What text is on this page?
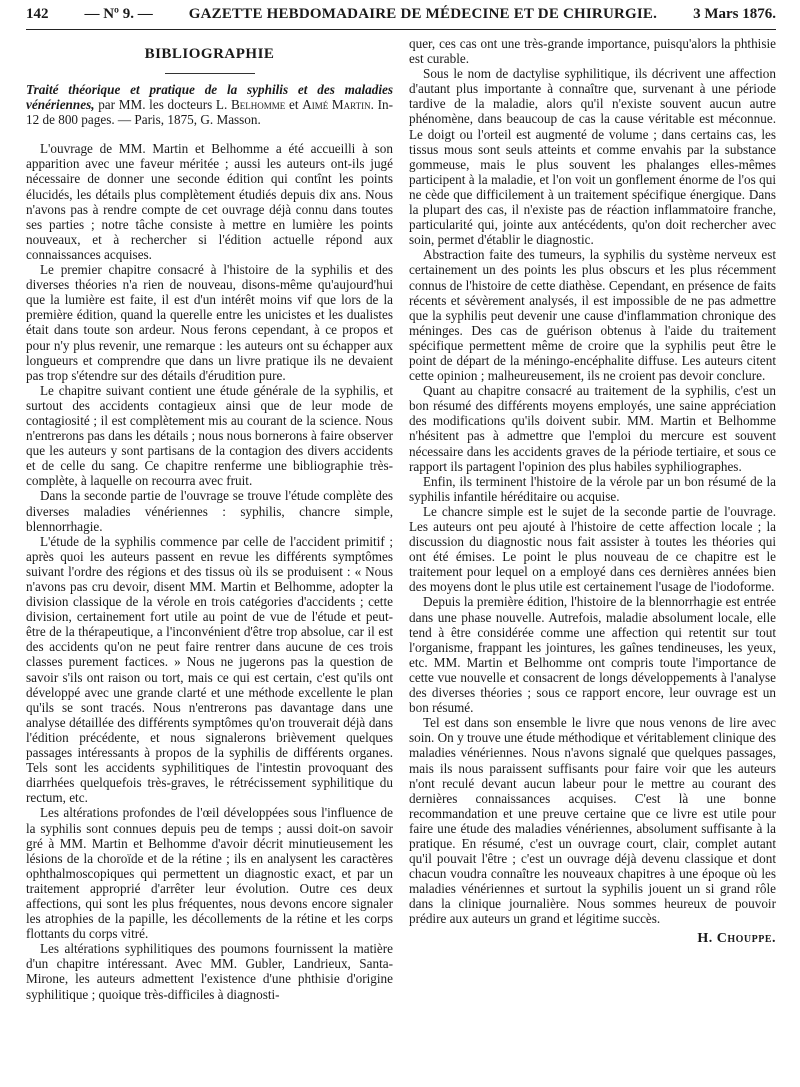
142 — Nº 9. — GAZETTE HEBDOMADAIRE DE MÉDECINE ET DE CHIRURGIE. 3 Mars 1876.
BIBLIOGRAPHIE

Traité théorique et pratique de la syphilis et des maladies vénériennes, par MM. les docteurs L. Belhomme et Aimé Martin. In-12 de 800 pages. — Paris, 1875, G. Masson.

L'ouvrage de MM. Martin et Belhomme a été accueilli à son apparition avec une faveur méritée ; aussi les auteurs ont-ils jugé nécessaire de donner une seconde édition qui contînt les points élucidés, les détails plus complètement étudiés depuis dix ans. Nous n'avons pas à rendre compte de cet ouvrage déjà connu dans toutes ses parties ; notre tâche consiste à mettre en lumière les points nouveaux, et à rechercher si l'édition actuelle répond aux connaissances acquises.

Le premier chapitre consacré à l'histoire de la syphilis et des diverses théories n'a rien de nouveau, disons-même qu'aujourd'hui que la lumière est faite, il est d'un intérêt moins vif que lors de la première édition, quand la querelle entre les unicistes et les dualistes était dans toute son ardeur. Nous ferons cependant, à ce propos et pour n'y plus revenir, une remarque : les auteurs ont su échapper aux longueurs et comprendre que dans un livre pratique ils ne devaient pas trop s'étendre sur des détails d'érudition pure.

Le chapitre suivant contient une étude générale de la syphilis, et surtout des accidents contagieux ainsi que de leur mode de contagiosité ; il est complètement mis au courant de la science. Nous n'entrerons pas dans les détails ; nous nous bornerons à faire observer que les auteurs y sont partisans de la contagion des divers accidents et de celle du sang. Ce chapitre renferme une bibliographie très-complète, à laquelle on recourra avec fruit.

Dans la seconde partie de l'ouvrage se trouve l'étude complète des diverses maladies vénériennes : syphilis, chancre simple, blennorrhagie.

L'étude de la syphilis commence par celle de l'accident primitif ; après quoi les auteurs passent en revue les différents symptômes suivant l'ordre des régions et des tissus où ils se produisent : « Nous n'avons pas cru devoir, disent MM. Martin et Belhomme, adopter la division classique de la vérole en trois catégories d'accidents ; cette division, certainement fort utile au point de vue de l'étude et peut-être de la thérapeutique, a l'inconvénient d'être trop absolue, car il est des accidents qu'on ne peut faire rentrer dans aucune de ces trois classes purement factices. » Nous ne jugerons pas la question de savoir s'ils ont raison ou tort, mais ce qui est certain, c'est qu'ils ont développé avec une grande clarté et une méthode excellente le plan qu'ils se sont tracés. Nous n'entrerons pas davantage dans une analyse détaillée des différents symptômes qu'on trouverait déjà dans l'édition précédente, et nous signalerons brièvement quelques passages intéressants à propos de la syphilis de différents organes. Tels sont les accidents syphilitiques de l'intestin provoquant des diarrhées quelquefois très-graves, le rétrécissement syphilitique du rectum, etc.

Les altérations profondes de l'œil développées sous l'influence de la syphilis sont connues depuis peu de temps ; aussi doit-on savoir gré à MM. Martin et Belhomme d'avoir décrit minutieusement les lésions de la choroïde et de la rétine ; ils en analysent les caractères ophthalmoscopiques qui permettent un diagnostic exact, et par un traitement approprié d'arrêter leur évolution. Outre ces deux affections, qui sont les plus fréquentes, nous devons encore signaler les atrophies de la papille, les décollements de la rétine et les corps flottants du corps vitré.

Les altérations syphilitiques des poumons fournissent la matière d'un chapitre intéressant. Avec MM. Gubler, Landrieux, Santa-Mirone, les auteurs admettent l'existence d'une phthisie d'origine syphilitique ; quoique très-difficiles à diagnosti-

quer, ces cas ont une très-grande importance, puisqu'alors la phthisie est curable.

Sous le nom de dactylise syphilitique, ils décrivent une affection d'autant plus importante à connaître que, survenant à une période tardive de la maladie, alors qu'il n'existe souvent aucun autre phénomène, dans beaucoup de cas la cause véritable est méconnue. Le doigt ou l'orteil est augmenté de volume ; dans certains cas, les tissus mous sont seuls atteints et comme envahis par la substance gommeuse, mais le plus souvent les phalanges elles-mêmes participent à la maladie, et l'on voit un gonflement énorme de l'os qui ne cède que difficilement à un traitement spécifique énergique. Dans la plupart des cas, il n'existe pas de réaction inflammatoire franche, particularité qui, jointe aux antécédents, qu'on doit rechercher avec soin, permet d'établir le diagnostic.

Abstraction faite des tumeurs, la syphilis du système nerveux est certainement un des points les plus obscurs et les plus récemment connus de l'histoire de cette diathèse. Cependant, en présence de faits récents et sévèrement analysés, il est impossible de ne pas admettre que la syphilis peut devenir une cause d'inflammation chronique des méninges. Des cas de guérison obtenus à l'aide du traitement spécifique permettent même de croire que la syphilis peut être le point de départ de la méningo-encéphalite diffuse. Les auteurs citent cette opinion ; malheureusement, ils ne croient pas devoir conclure.

Quant au chapitre consacré au traitement de la syphilis, c'est un bon résumé des différents moyens employés, une saine appréciation des modifications qu'ils doivent subir. MM. Martin et Belhomme n'hésitent pas à admettre que l'emploi du mercure est souvent nécessaire dans les accidents graves de la période tertiaire, et sous ce rapport ils partagent l'opinion des plus habiles syphiliographes.

Enfin, ils terminent l'histoire de la vérole par un bon résumé de la syphilis infantile héréditaire ou acquise.

Le chancre simple est le sujet de la seconde partie de l'ouvrage. Les auteurs ont peu ajouté à l'histoire de cette affection locale ; la discussion du diagnostic nous fait assister à toutes les théories qui ont été émises. Le point le plus nouveau de ce chapitre est le traitement pour lequel on a employé dans ces dernières années bien des moyens dont le plus utile est certainement l'usage de l'iodoforme.

Depuis la première édition, l'histoire de la blennorrhagie est entrée dans une phase nouvelle. Autrefois, maladie absolument locale, elle tend à être considérée comme une affection qui retentit sur tout l'organisme, frappant les jointures, les gaînes tendineuses, les yeux, etc. MM. Martin et Belhomme ont compris toute l'importance de cette vue nouvelle et consacrent de longs développements à l'analyse des diverses théories ; sous ce rapport encore, leur ouvrage est un bon résumé.

Tel est dans son ensemble le livre que nous venons de lire avec soin. On y trouve une étude méthodique et véritablement clinique des maladies vénériennes. Nous n'avons signalé que quelques passages, mais ils nous paraissent suffisants pour faire voir que les auteurs n'ont reculé devant aucun labeur pour le mettre au courant des dernières connaissances acquises. C'est là une bonne recommandation et une preuve certaine que ce livre est utile pour faire une étude des maladies vénériennes, absolument suffisante à la pratique. En résumé, c'est un ouvrage court, clair, complet autant qu'il pouvait l'être ; c'est un ouvrage déjà devenu classique et dont chacun voudra connaître les nouveaux chapitres à une époque où les maladies vénériennes et surtout la syphilis jouent un si grand rôle dans la clinique journalière. Nous sommes heureux de pouvoir prédire aux auteurs un grand et légitime succès.

H. Chouppe.
